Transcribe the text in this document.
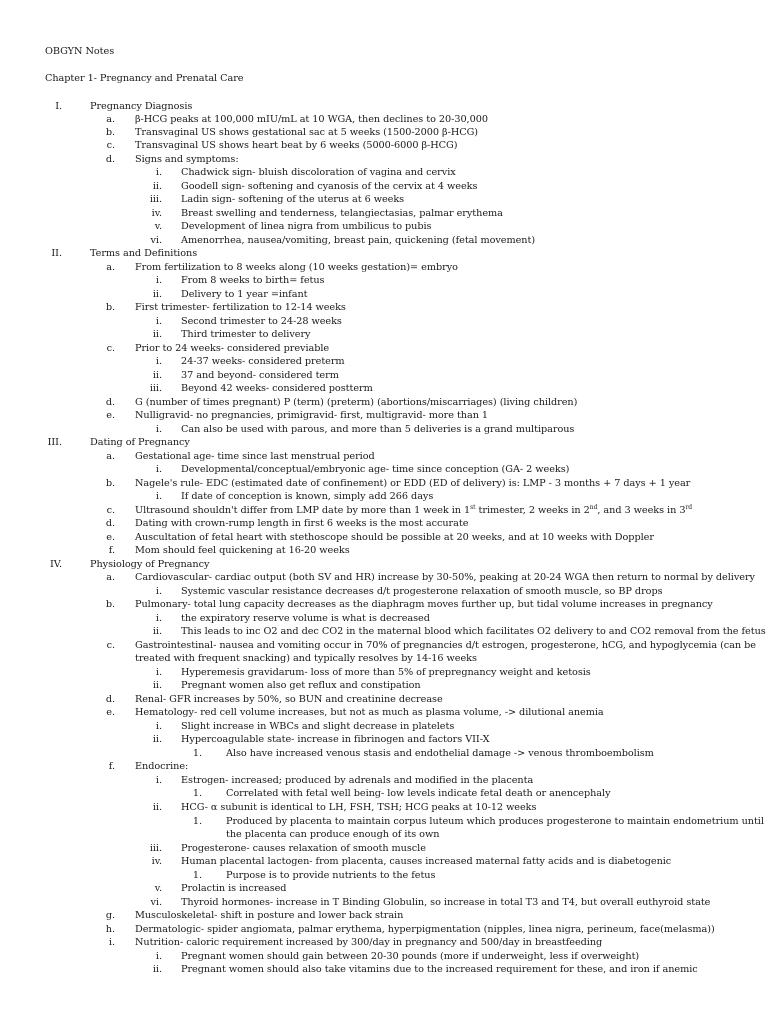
OBGYN Notes
Chapter 1- Pregnancy and Prenatal Care
I.	Pregnancy Diagnosis
a. β-HCG peaks at 100,000 mIU/mL at 10 WGA, then declines to 20-30,000
b. Transvaginal US shows gestational sac at 5 weeks (1500-2000 β-HCG)
c. Transvaginal US shows heart beat by 6 weeks (5000-6000 β-HCG)
d. Signs and symptoms:
i. Chadwick sign- bluish discoloration of vagina and cervix
ii. Goodell sign- softening and cyanosis of the cervix at 4 weeks
iii. Ladin sign- softening of the uterus at 6 weeks
iv. Breast swelling and tenderness, telangiectasias, palmar erythema
v. Development of linea nigra from umbilicus to pubis
vi. Amenorrhea, nausea/vomiting, breast pain, quickening (fetal movement)
II.	Terms and Definitions
a. From fertilization to 8 weeks along (10 weeks gestation)= embryo
i. From 8 weeks to birth= fetus
ii. Delivery to 1 year =infant
b. First trimester- fertilization to 12-14 weeks
i. Second trimester to 24-28 weeks
ii. Third trimester to delivery
c. Prior to 24 weeks- considered previable
i. 24-37 weeks- considered preterm
ii. 37 and beyond- considered term
iii. Beyond 42 weeks- considered postterm
d. G (number of times pregnant) P (term) (preterm) (abortions/miscarriages) (living children)
e. Nulligravid- no pregnancies, primigravid- first, multigravid- more than 1
i. Can also be used with parous, and more than 5 deliveries is a grand multiparous
III.	Dating of Pregnancy
a. Gestational age- time since last menstrual period
i. Developmental/conceptual/embryonic age- time since conception (GA- 2 weeks)
b. Nagele's rule- EDC (estimated date of confinement) or EDD (ED of delivery) is: LMP - 3 months + 7 days + 1 year
i. If date of conception is known, simply add 266 days
c. Ultrasound shouldn't differ from LMP date by more than 1 week in 1st trimester, 2 weeks in 2nd, and 3 weeks in 3rd
d. Dating with crown-rump length in first 6 weeks is the most accurate
e. Auscultation of fetal heart with stethoscope should be possible at 20 weeks, and at 10 weeks with Doppler
f. Mom should feel quickening at 16-20 weeks
IV.	Physiology of Pregnancy
a. Cardiovascular- cardiac output (both SV and HR) increase by 30-50%, peaking at 20-24 WGA then return to normal by delivery
i. Systemic vascular resistance decreases d/t progesterone relaxation of smooth muscle, so BP drops
b. Pulmonary- total lung capacity decreases as the diaphragm moves further up, but tidal volume increases in pregnancy
i. the expiratory reserve volume is what is decreased
ii. This leads to inc O2 and dec CO2 in the maternal blood which facilitates O2 delivery to and CO2 removal from the fetus
c. Gastrointestinal- nausea and vomiting occur in 70% of pregnancies d/t estrogen, progesterone, hCG, and hypoglycemia (can be
treated with frequent snacking) and typically resolves by 14-16 weeks
i. Hyperemesis gravidarum- loss of more than 5% of prepregnancy weight and ketosis
ii. Pregnant women also get reflux and constipation
d. Renal- GFR increases by 50%, so BUN and creatinine decrease
e. Hematology- red cell volume increases, but not as much as plasma volume, -> dilutional anemia
i. Slight increase in WBCs and slight decrease in platelets
ii. Hypercoagulable state- increase in fibrinogen and factors VII-X
1. Also have increased venous stasis and endothelial damage -> venous thromboembolism
f. Endocrine:
i. Estrogen- increased; produced by adrenals and modified in the placenta
1. Correlated with fetal well being- low levels indicate fetal death or anencephaly
ii. HCG- α subunit is identical to LH, FSH, TSH; HCG peaks at 10-12 weeks
1. Produced by placenta to maintain corpus luteum which produces progesterone to maintain endometrium until
the placenta can produce enough of its own
iii. Progesterone- causes relaxation of smooth muscle
iv. Human placental lactogen- from placenta, causes increased maternal fatty acids and is diabetogenic
1. Purpose is to provide nutrients to the fetus
v. Prolactin is increased
vi. Thyroid hormones- increase in T Binding Globulin, so increase in total T3 and T4, but overall euthyroid state
g. Musculoskeletal- shift in posture and lower back strain
h. Dermatologic- spider angiomata, palmar erythema, hyperpigmentation (nipples, linea nigra, perineum, face(melasma))
i. Nutrition- caloric requirement increased by 300/day in pregnancy and 500/day in breastfeeding
i. Pregnant women should gain between 20-30 pounds (more if underweight, less if overweight)
ii. Pregnant women should also take vitamins due to the increased requirement for these, and iron if anemic
